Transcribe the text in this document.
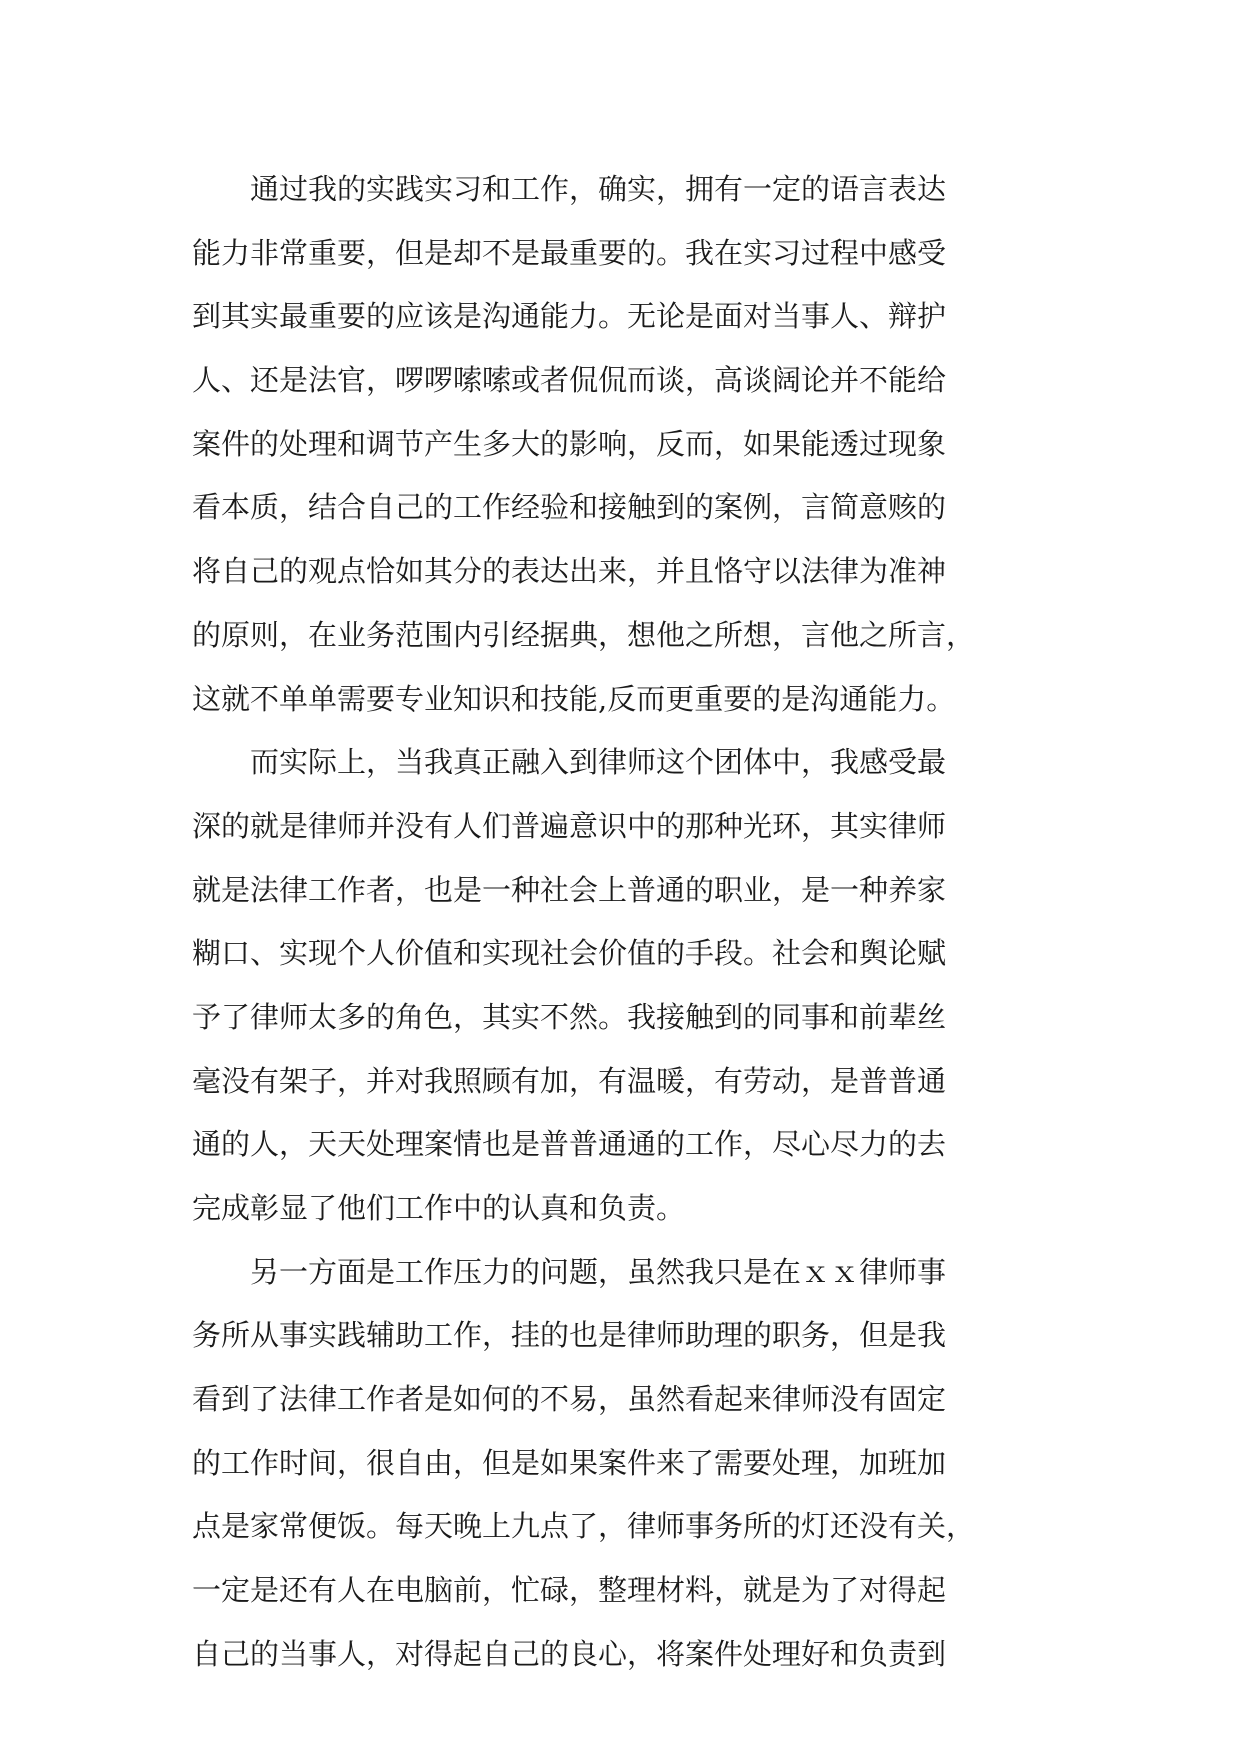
　　通过我的实践实习和工作，确实，拥有一定的语言表达
能力非常重要，但是却不是最重要的。我在实习过程中感受
到其实最重要的应该是沟通能力。无论是面对当事人、辩护
人、还是法官，啰啰嗦嗦或者侃侃而谈，高谈阔论并不能给
案件的处理和调节产生多大的影响，反而，如果能透过现象
看本质，结合自己的工作经验和接触到的案例，言简意赅的
将自己的观点恰如其分的表达出来，并且恪守以法律为准神
的原则，在业务范围内引经据典，想他之所想，言他之所言，
这就不单单需要专业知识和技能,反而更重要的是沟通能力。
　　而实际上，当我真正融入到律师这个团体中，我感受最
深的就是律师并没有人们普遍意识中的那种光环，其实律师
就是法律工作者，也是一种社会上普通的职业，是一种养家
糊口、实现个人价值和实现社会价值的手段。社会和舆论赋
予了律师太多的角色，其实不然。我接触到的同事和前辈丝
毫没有架子，并对我照顾有加，有温暖，有劳动，是普普通
通的人，天天处理案情也是普普通通的工作，尽心尽力的去
完成彰显了他们工作中的认真和负责。
　　另一方面是工作压力的问题，虽然我只是在ｘｘ律师事
务所从事实践辅助工作，挂的也是律师助理的职务，但是我
看到了法律工作者是如何的不易，虽然看起来律师没有固定
的工作时间，很自由，但是如果案件来了需要处理，加班加
点是家常便饭。每天晚上九点了，律师事务所的灯还没有关，
一定是还有人在电脑前，忙碌，整理材料，就是为了对得起
自己的当事人，对得起自己的良心，将案件处理好和负责到
